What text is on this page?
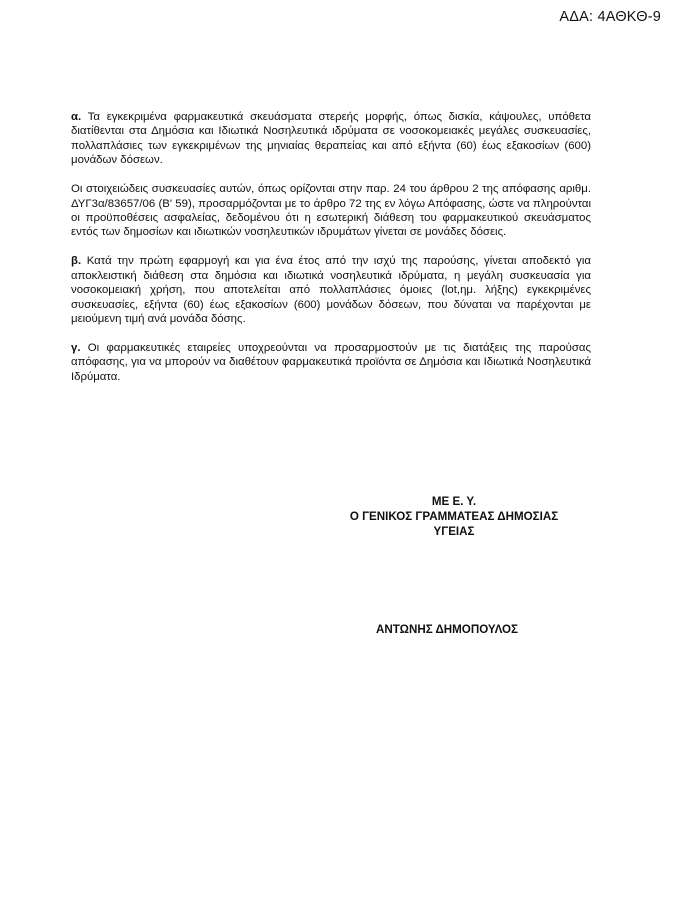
ΑΔΑ: 4ΑΘΚΘ-9

α. Τα εγκεκριμένα φαρμακευτικά σκευάσματα στερεής μορφής, όπως δισκία, κάψουλες, υπόθετα διατίθενται στα Δημόσια και Ιδιωτικά Νοσηλευτικά ιδρύματα σε νοσοκομειακές μεγάλες συσκευασίες, πολλαπλάσιες των εγκεκριμένων της μηνιαίας θεραπείας και από εξήντα (60) έως εξακοσίων (600) μονάδων δόσεων.

Οι στοιχειώδεις συσκευασίες αυτών, όπως ορίζονται στην παρ. 24 του άρθρου 2 της απόφασης αριθμ. ΔΥΓ3α/83657/06 (Β' 59), προσαρμόζονται με το άρθρο 72 της εν λόγω Απόφασης, ώστε να πληρούνται οι προϋποθέσεις ασφαλείας, δεδομένου ότι η εσωτερική διάθεση του φαρμακευτικού σκευάσματος εντός των δημοσίων και ιδιωτικών νοσηλευτικών ιδρυμάτων γίνεται σε μονάδες δόσεις.

β. Κατά την πρώτη εφαρμογή και για ένα έτος από την ισχύ της παρούσης, γίνεται αποδεκτό για αποκλειστική διάθεση στα δημόσια και ιδιωτικά νοσηλευτικά ιδρύματα, η μεγάλη συσκευασία για νοσοκομειακή χρήση, που αποτελείται από πολλαπλάσιες όμοιες (lot,ημ. λήξης) εγκεκριμένες συσκευασίες, εξήντα (60) έως εξακοσίων (600) μονάδων δόσεων, που δύναται να παρέχονται με μειούμενη τιμή ανά μονάδα δόσης.

γ. Οι φαρμακευτικές εταιρείες υποχρεούνται να προσαρμοστούν με τις διατάξεις της παρούσας απόφασης, για να μπορούν να διαθέτουν φαρμακευτικά προϊόντα σε Δημόσια και Ιδιωτικά Νοσηλευτικά Ιδρύματα.

ΜΕ Ε. Υ.
Ο ΓΕΝΙΚΟΣ ΓΡΑΜΜΑΤΕΑΣ ΔΗΜΟΣΙΑΣ
ΥΓΕΙΑΣ
ΑΝΤΩΝΗΣ ΔΗΜΟΠΟΥΛΟΣ
